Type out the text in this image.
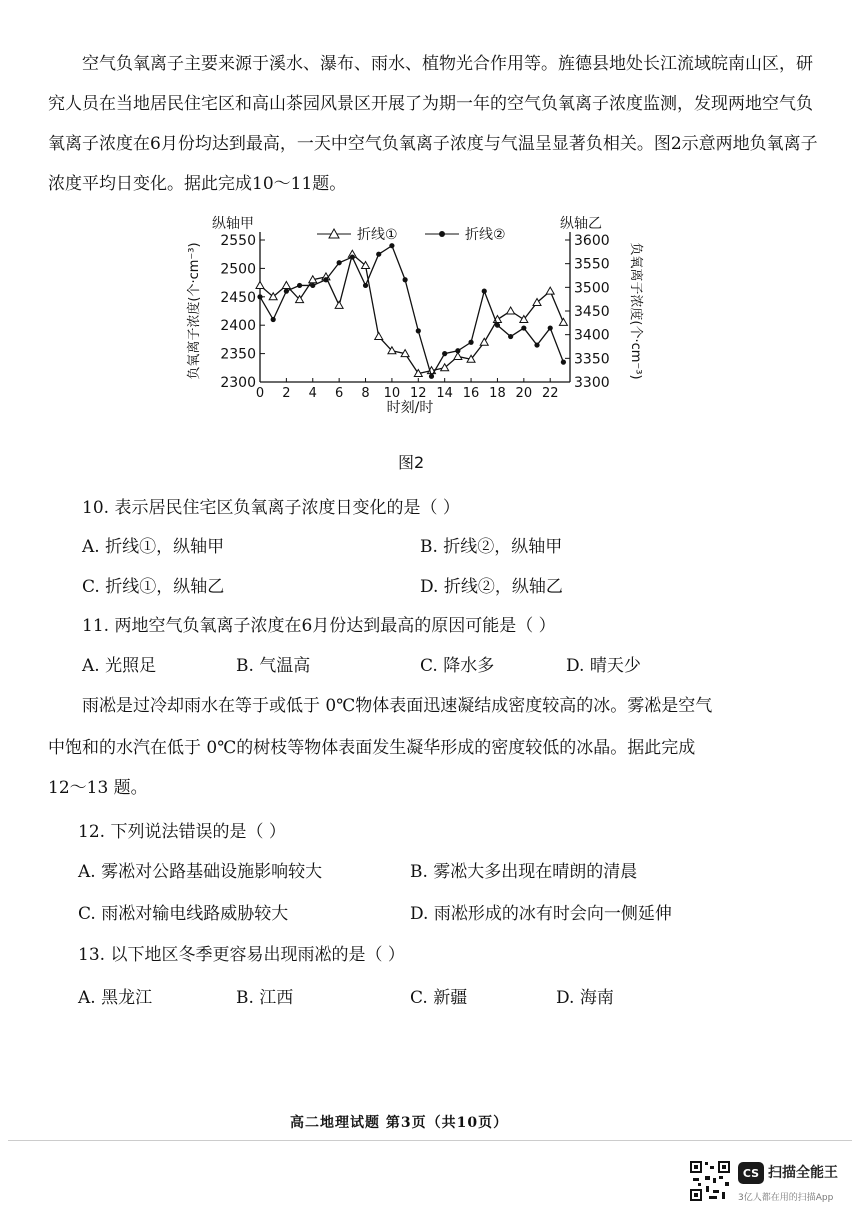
空气负氧离子主要来源于溪水、瀑布、雨水、植物光合作用等。旌德县地处长江流域皖南山区，研究人员在当地居民住宅区和高山茶园风景区开展了为期一年的空气负氧离子浓度监测，发现两地空气负氧离子浓度在6月份均达到最高，一天中空气负氧离子浓度与气温呈显著负相关。图2示意两地负氧离子浓度平均日变化。据此完成10～11题。

2300
2350
2400
2450
2500
2550
3300
3350
3400
3450
3500
3550
3600
0 2 4 6 8 10 12 14 16 18 20 22
纵轴甲	纵轴乙
时刻/时
负氧离子浓度(个·cm⁻³)	负氧离子浓度(个·cm⁻³)
折线①	折线②
图2
10. 表示居民住宅区负氧离子浓度日变化的是（ ）
A. 折线①，纵轴甲	B. 折线②，纵轴甲
C. 折线①，纵轴乙	D. 折线②，纵轴乙
11. 两地空气负氧离子浓度在6月份达到最高的原因可能是（ ）
A. 光照足	B. 气温高	C. 降水多	D. 晴天少
雨凇是过冷却雨水在等于或低于 0℃物体表面迅速凝结成密度较高的冰。雾凇是空气
中饱和的水汽在低于 0℃的树枝等物体表面发生凝华形成的密度较低的冰晶。据此完成
12～13 题。
12. 下列说法错误的是（ ）
A. 雾凇对公路基础设施影响较大	B. 雾凇大多出现在晴朗的清晨
C. 雨凇对输电线路威胁较大	D. 雨凇形成的冰有时会向一侧延伸
13. 以下地区冬季更容易出现雨凇的是（ ）
A. 黑龙江	B. 江西	C. 新疆	D. 海南
高二地理试题 第3页（共10页）
CS 扫描全能王
3亿人都在用的扫描App
